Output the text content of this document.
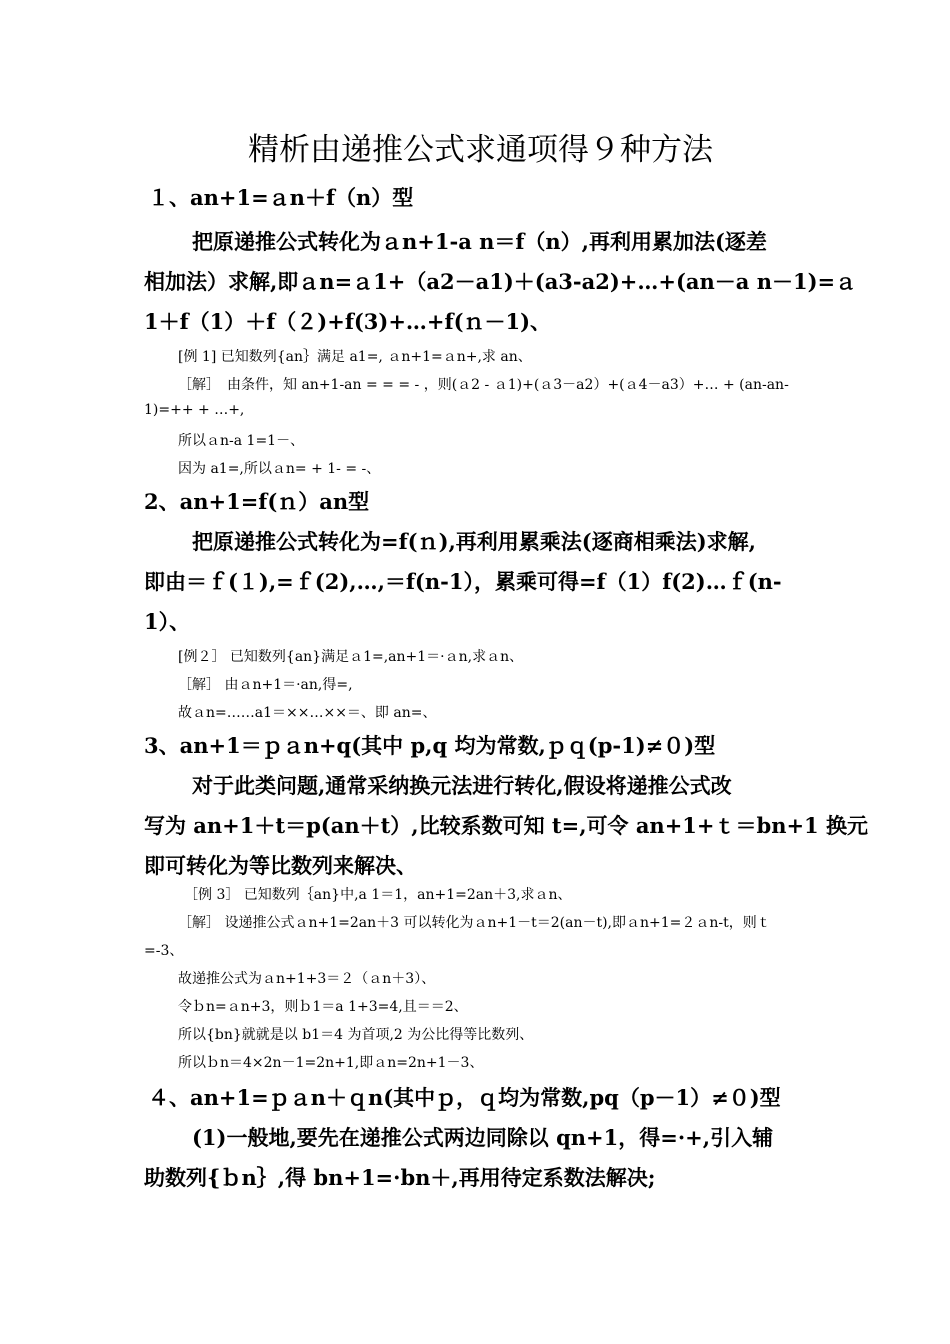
精析由递推公式求通项得９种方法
１、an+1=ａn＋f（n）型
把原递推公式转化为ａn+1-a n＝f（n）,再利用累加法(逐差
相加法）求解,即ａn=ａ1+（a2－a1)＋(a3-a2)+…+(an－a n－1)=ａ
1＋f（1）＋f（２)+f(3)+…+f(ｎ－1)、
[例 1] 已知数列{an｝满足 a1=, ａn+1=ａn+,求 an、
［解］　由条件，知 an+1-an = = = - ，则(ａ2 - ａ1)+(ａ3－a2）+(ａ4－a3）+… + (an-an-
1)=++ + …+,
所以ａn-a 1=1－、
因为 a1=,所以ａn= + 1- = -、
2、an+1=f(ｎ）an型
把原递推公式转化为=f(ｎ),再利用累乘法(逐商相乘法)求解,
即由＝ｆ(１),=ｆ(2),…,＝f(n-1），累乘可得=f（1）f(2)…ｆ(n-
1）、
[例２］ 已知数列{an}满足ａ1=,an+1＝·ａn,求ａn、
［解］ 由ａn+1＝·an,得=,
故ａn=……a1＝××…××＝、即 an=、
3、an+1＝ｐａn+q(其中 p,q 均为常数,ｐｑ(p-1)≠０)型
对于此类问题,通常采纳换元法进行转化,假设将递推公式改
写为 an+1＋t＝p(an＋t）,比较系数可知 t=,可令 an+1+ｔ＝bn+1 换元
即可转化为等比数列来解决、
［例 3］ 已知数列｛an}中,a 1＝1，an+1=2an＋3,求ａn、
［解］ 设递推公式ａn+1=2an＋3 可以转化为ａn+1－t＝2(an－t),即ａn+1=２ａn-t，则ｔ
=-3、
故递推公式为ａn+1+3＝２（ａn＋3）、
令ｂn=ａn+3，则ｂ1＝a 1+3=4,且＝＝2、
所以{bn}就就是以 b1＝4 为首项,2 为公比得等比数列、
所以ｂn＝4×2n－1=2n+1,即ａn=2n+1－3、
４、an+1=ｐａn＋ｑn(其中ｐ，ｑ均为常数,pq（p－1）≠０)型
(1)一般地,要先在递推公式两边同除以 qn+1，得=·+,引入辅
助数列{ｂn｝,得 bn+1=·bn＋,再用待定系数法解决;
